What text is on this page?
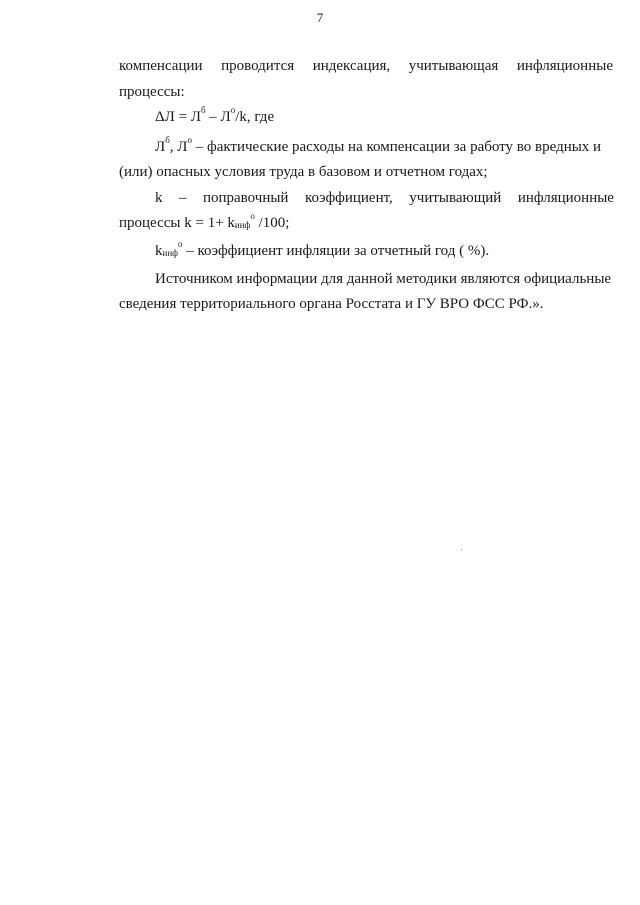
7
компенсации проводится индексация, учитывающая инфляционные
процессы:
$\Delta Л = Л^б - Л^о/k$, где
$Л^б$, $Л^о$ – фактические расходы на компенсации за работу во вредных и
(или) опасных условия труда в базовом и отчетном годах;
k – поправочный коэффициент, учитывающий инфляционные
процессы $k = 1+ k_{инф}^о$ /100;
$k_{инф}^о$ – коэффициент инфляции за отчетный год ( %).
Источником информации для данной методики являются официальные
сведения территориального органа Росстата и ГУ ВРО ФСС РФ.».
